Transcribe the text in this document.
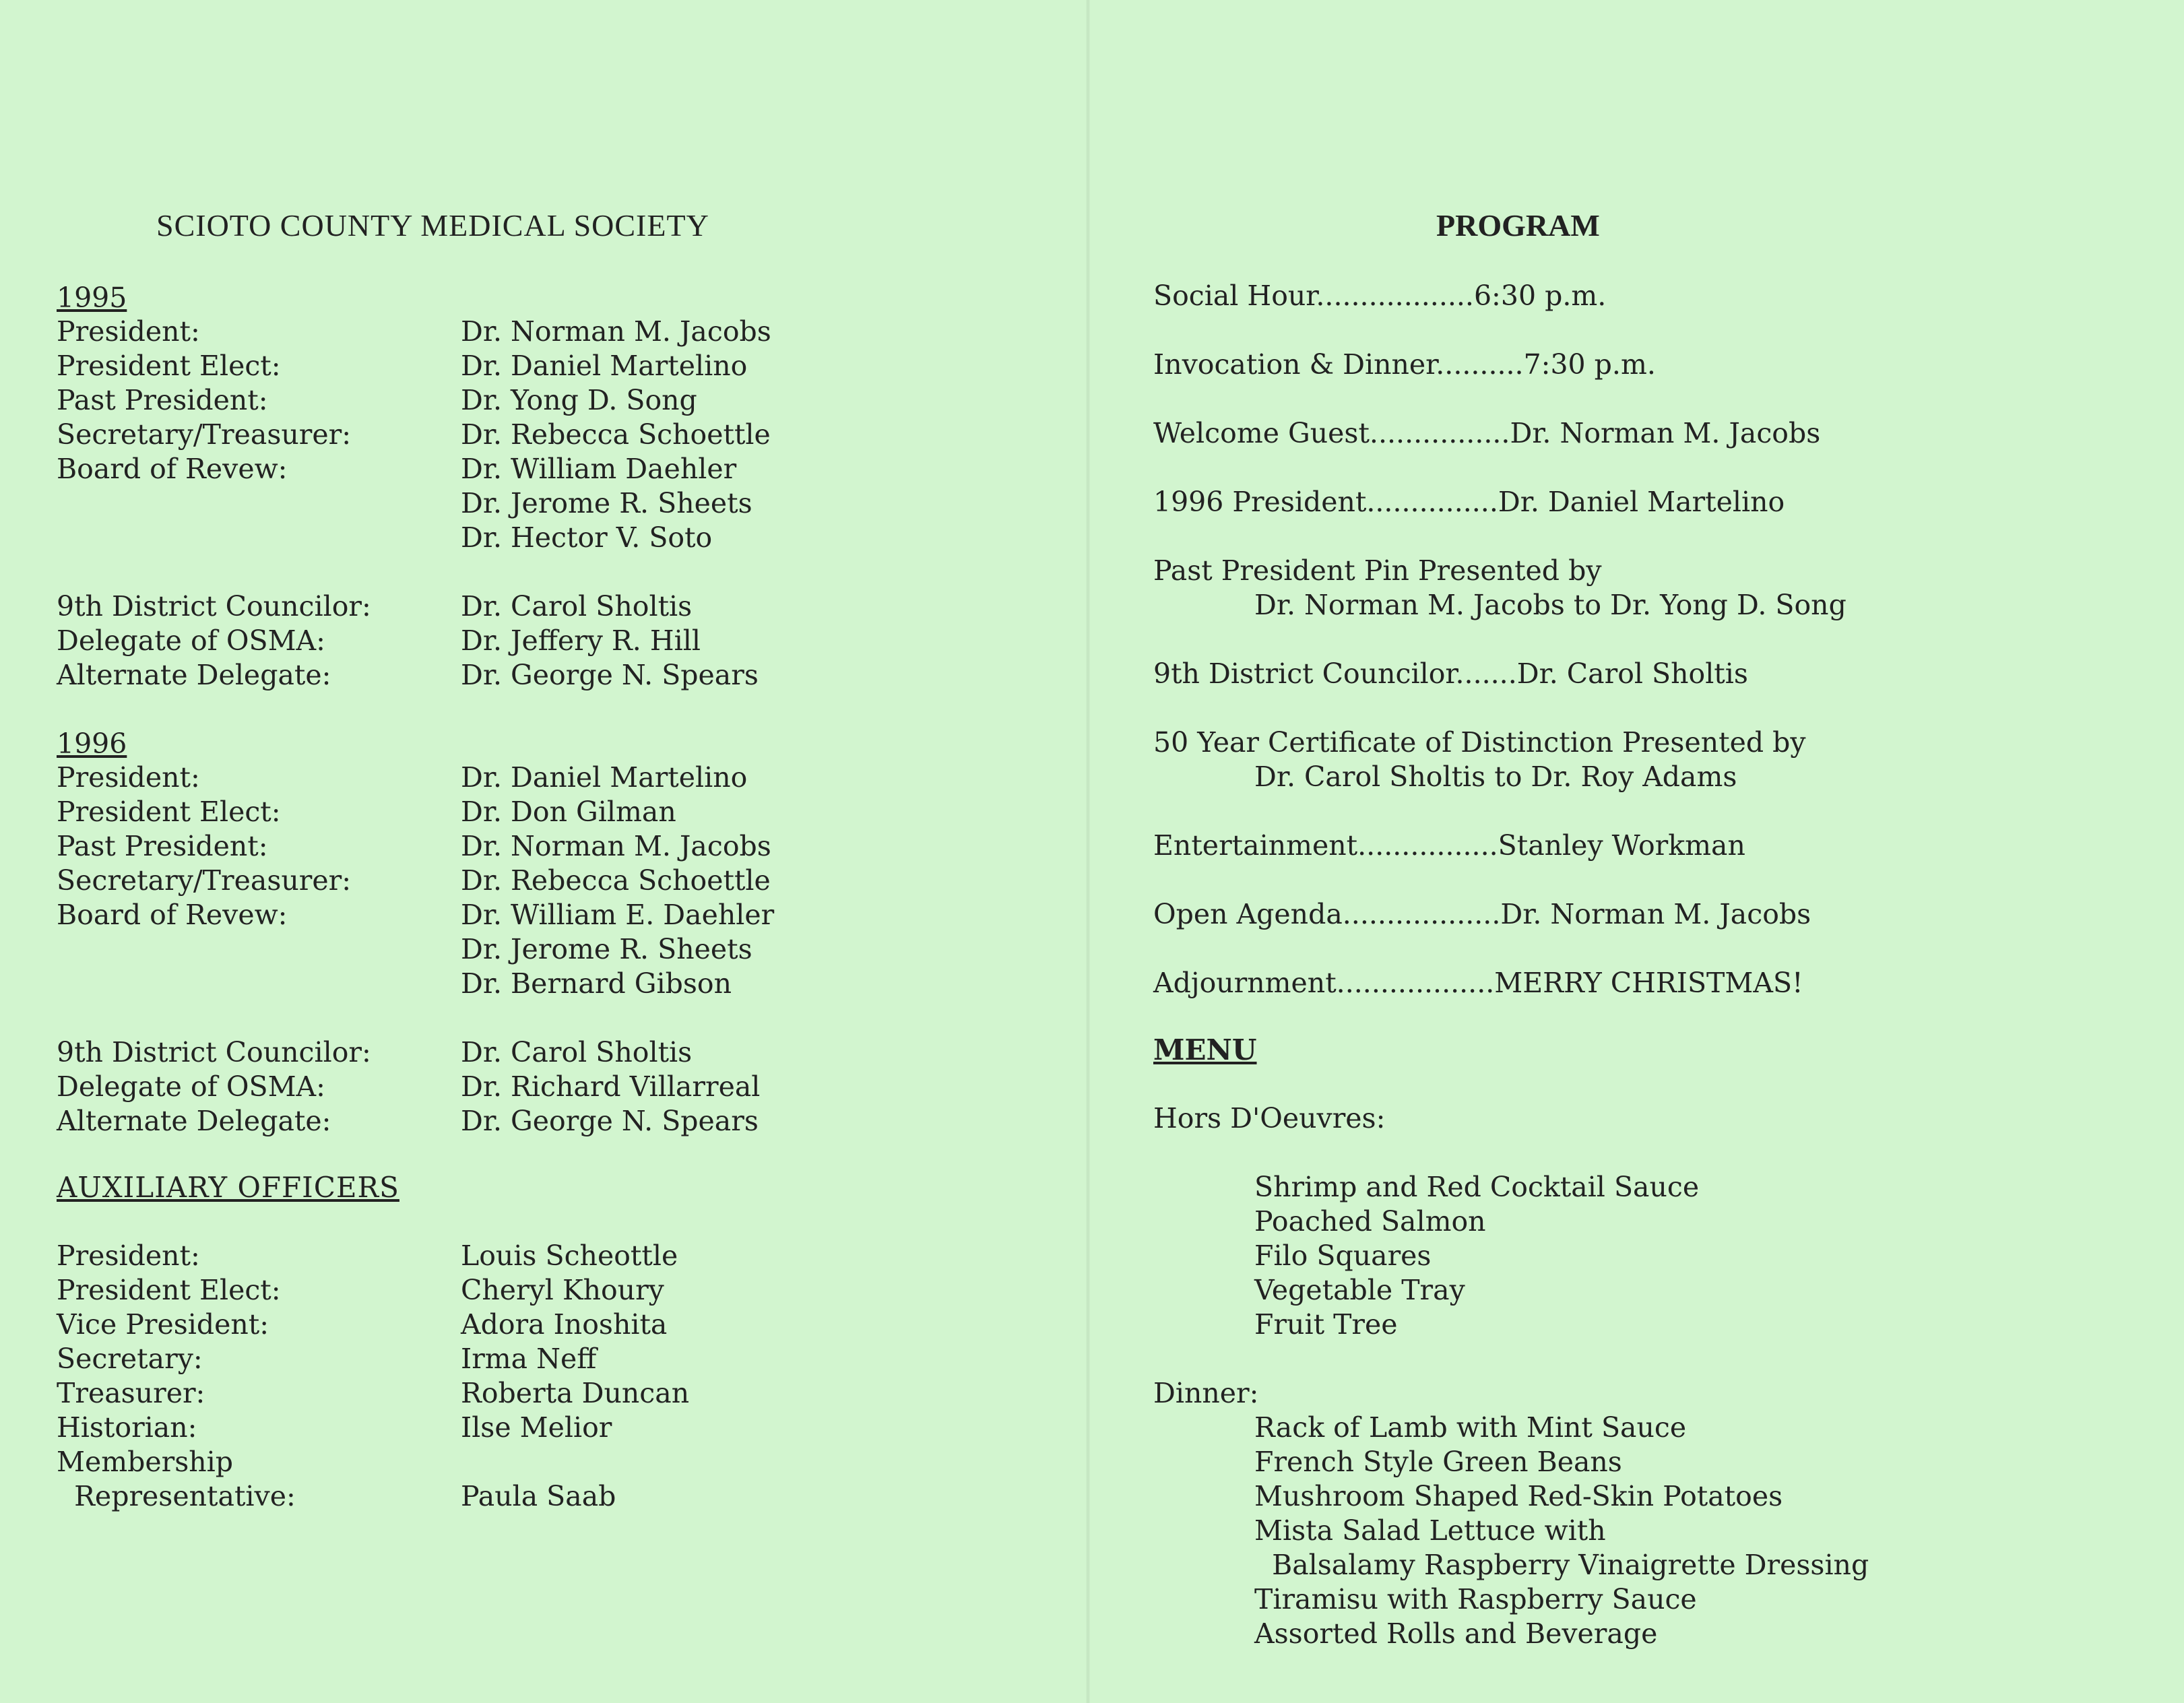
SCIOTO COUNTY MEDICAL SOCIETY
1995
President:	Dr. Norman M. Jacobs
President Elect:	Dr. Daniel Martelino
Past President:	Dr. Yong D. Song
Secretary/Treasurer:	Dr. Rebecca Schoettle
Board of Revew:	Dr. William Daehler
Dr. Jerome R. Sheets
Dr. Hector V. Soto
9th District Councilor:	Dr. Carol Sholtis
Delegate of OSMA:	Dr. Jeffery R. Hill
Alternate Delegate:	Dr. George N. Spears
1996
President:	Dr. Daniel Martelino
President Elect:	Dr. Don Gilman
Past President:	Dr. Norman M. Jacobs
Secretary/Treasurer:	Dr. Rebecca Schoettle
Board of Revew:	Dr. William E. Daehler
Dr. Jerome R. Sheets
Dr. Bernard Gibson
9th District Councilor:	Dr. Carol Sholtis
Delegate of OSMA:	Dr. Richard Villarreal
Alternate Delegate:	Dr. George N. Spears
AUXILIARY OFFICERS
President:	Louis Scheottle
President Elect:	Cheryl Khoury
Vice President:	Adora Inoshita
Secretary:	Irma Neff
Treasurer:	Roberta Duncan
Historian:	Ilse Melior
Membership
Representative:	Paula Saab
PROGRAM
Social Hour..................6:30 p.m.
Invocation & Dinner..........7:30 p.m.
Welcome Guest................Dr. Norman M. Jacobs
1996 President...............Dr. Daniel Martelino
Past President Pin Presented by
Dr. Norman M. Jacobs to Dr. Yong D. Song
9th District Councilor.......Dr. Carol Sholtis
50 Year Certificate of Distinction Presented by
Dr. Carol Sholtis to Dr. Roy Adams
Entertainment................Stanley Workman
Open Agenda..................Dr. Norman M. Jacobs
Adjournment..................MERRY CHRISTMAS!
MENU
Hors D'Oeuvres:
Shrimp and Red Cocktail Sauce
Poached Salmon
Filo Squares
Vegetable Tray
Fruit Tree
Dinner:
Rack of Lamb with Mint Sauce
French Style Green Beans
Mushroom Shaped Red-Skin Potatoes
Mista Salad Lettuce with
Balsalamy Raspberry Vinaigrette Dressing
Tiramisu with Raspberry Sauce
Assorted Rolls and Beverage
